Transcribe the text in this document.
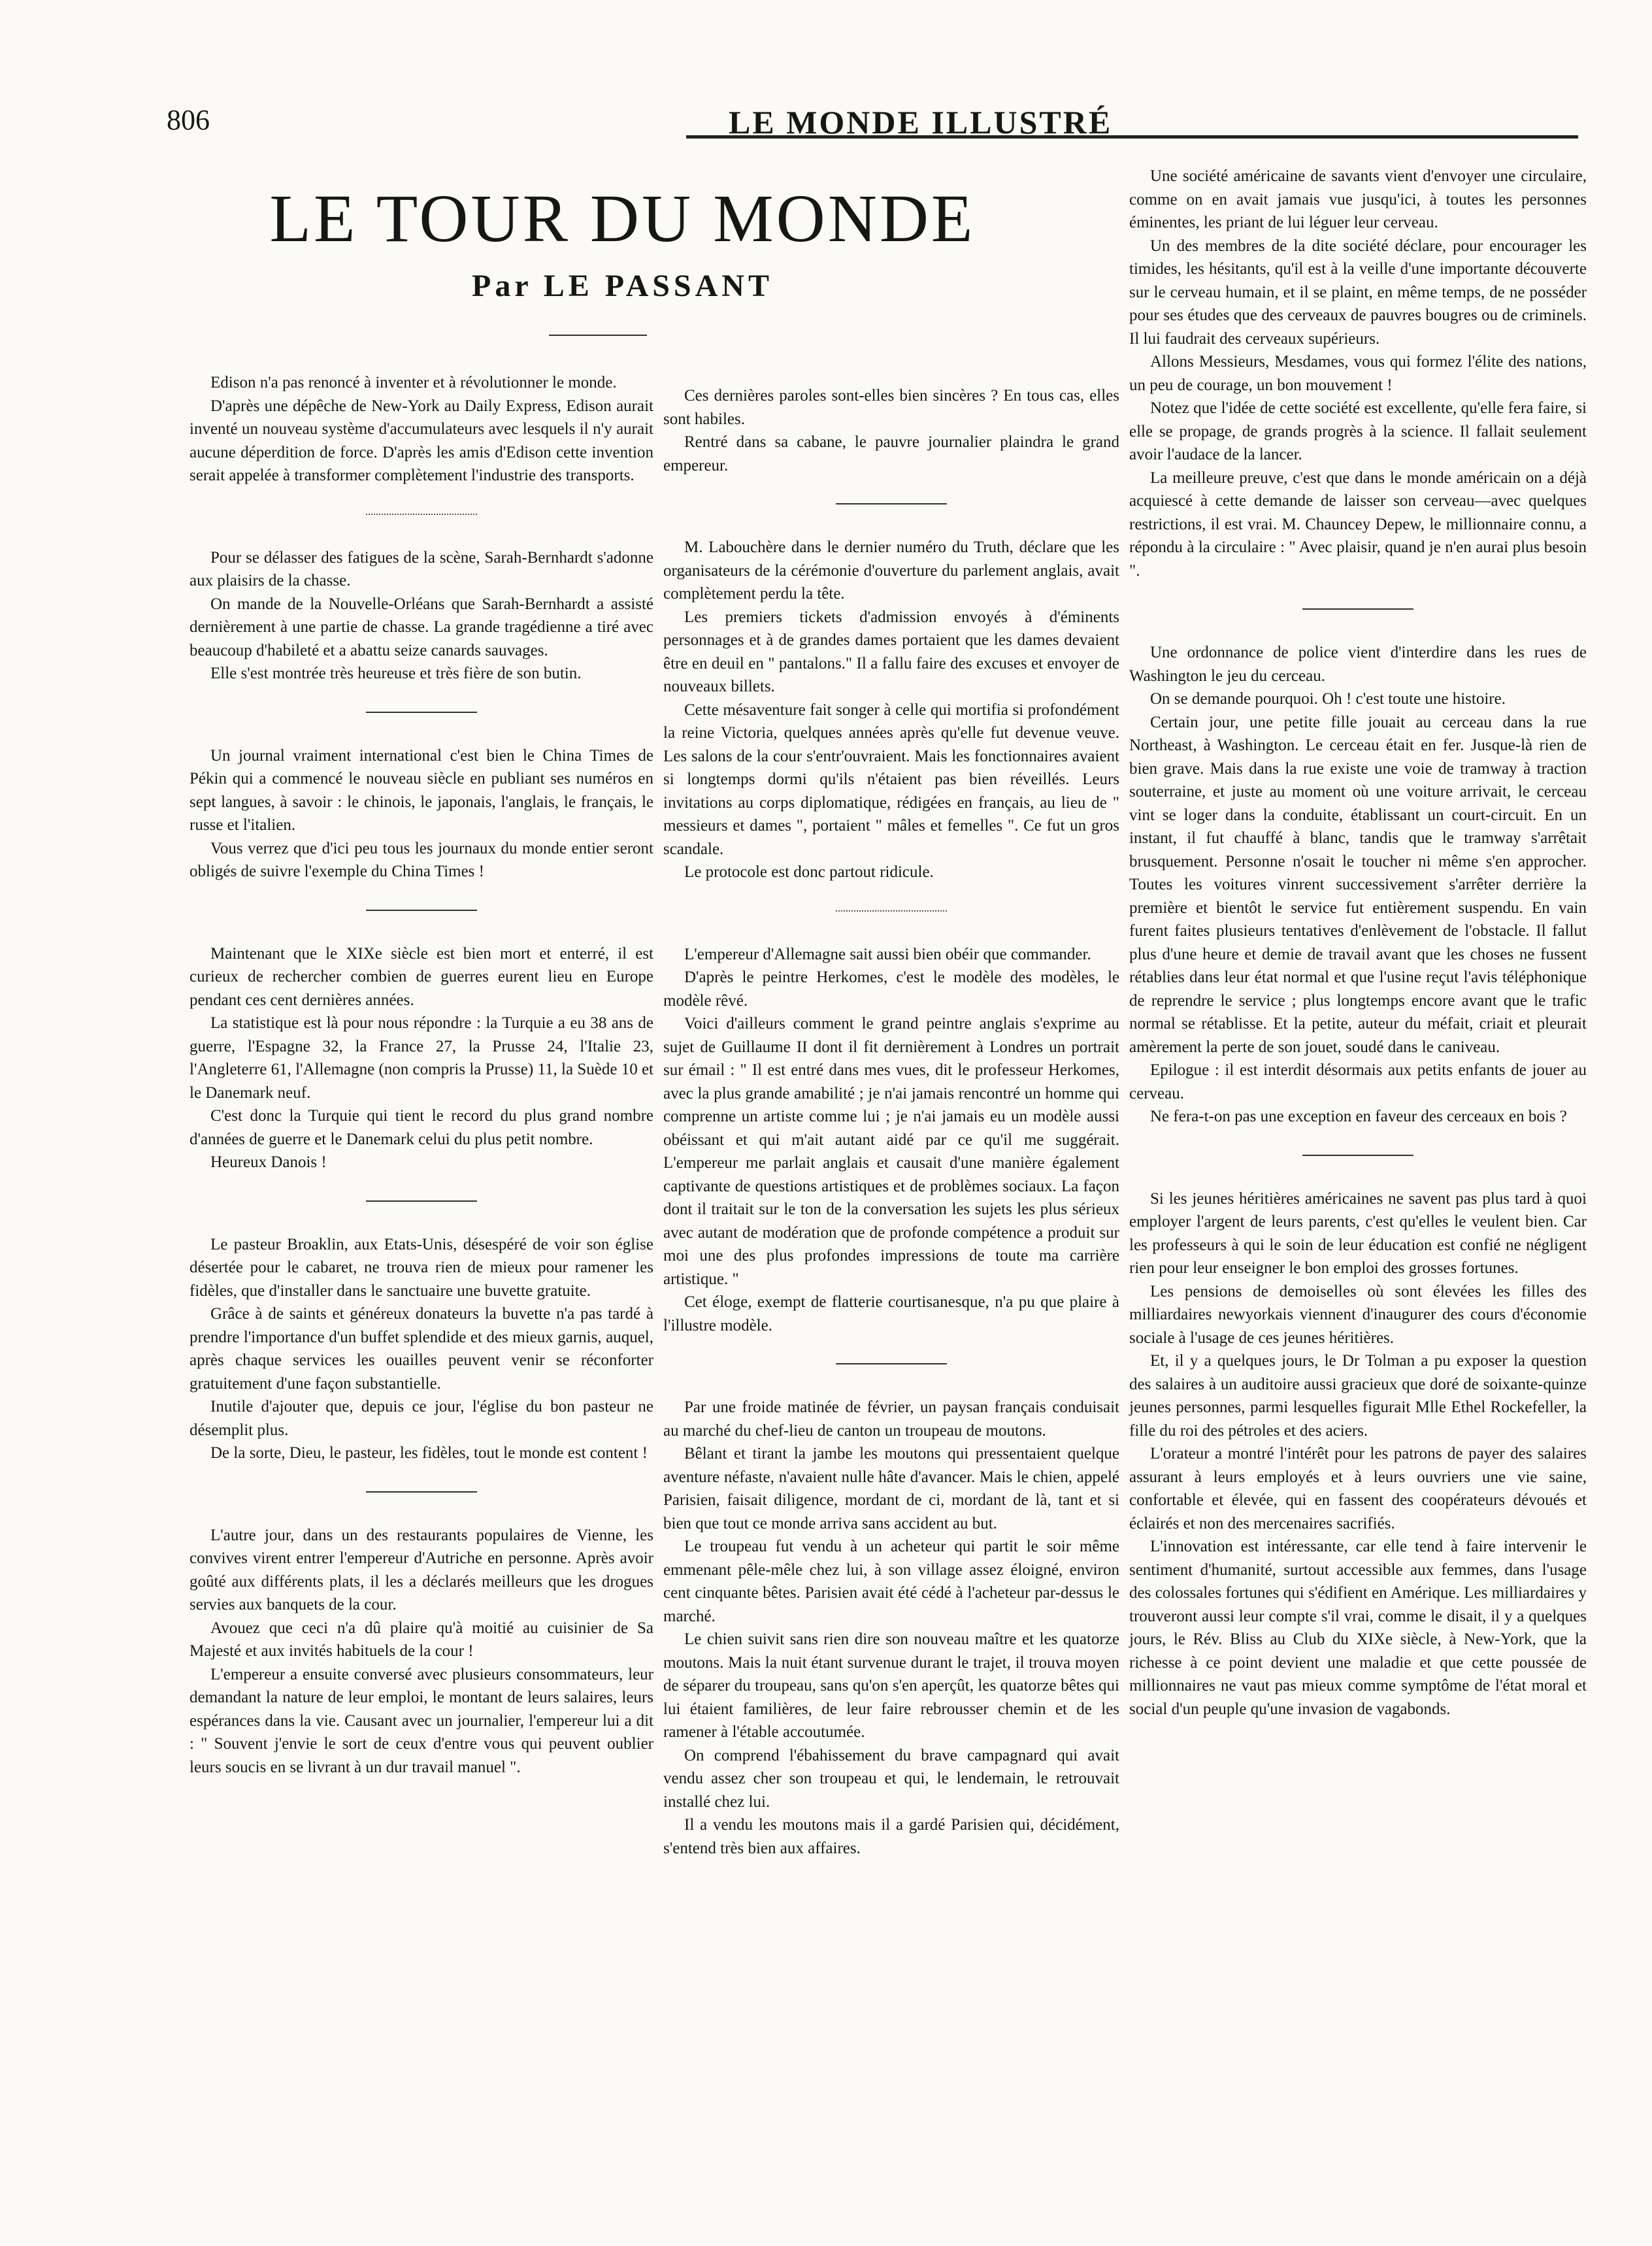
806	LE MONDE ILLUSTRÉ
LE TOUR DU MONDE
Par LE PASSANT

Edison n'a pas renoncé à inventer et à révolutionner le monde.

D'après une dépêche de New-York au Daily Express, Edison aurait inventé un nouveau système d'accumulateurs avec lesquels il n'y aurait aucune déperdition de force. D'après les amis d'Edison cette invention serait appelée à transformer complètement l'industrie des transports.

Pour se délasser des fatigues de la scène, Sarah-Bernhardt s'adonne aux plaisirs de la chasse.

On mande de la Nouvelle-Orléans que Sarah-Bernhardt a assisté dernièrement à une partie de chasse. La grande tragédienne a tiré avec beaucoup d'habileté et a abattu seize canards sauvages.

Elle s'est montrée très heureuse et très fière de son butin.

Un journal vraiment international c'est bien le China Times de Pékin qui a commencé le nouveau siècle en publiant ses numéros en sept langues, à savoir : le chinois, le japonais, l'anglais, le français, le russe et l'italien.

Vous verrez que d'ici peu tous les journaux du monde entier seront obligés de suivre l'exemple du China Times !

Maintenant que le XIXe siècle est bien mort et enterré, il est curieux de rechercher combien de guerres eurent lieu en Europe pendant ces cent dernières années.

La statistique est là pour nous répondre : la Turquie a eu 38 ans de guerre, l'Espagne 32, la France 27, la Prusse 24, l'Italie 23, l'Angleterre 61, l'Allemagne (non compris la Prusse) 11, la Suède 10 et le Danemark neuf.

C'est donc la Turquie qui tient le record du plus grand nombre d'années de guerre et le Danemark celui du plus petit nombre.

Heureux Danois !

Le pasteur Broaklin, aux Etats-Unis, désespéré de voir son église désertée pour le cabaret, ne trouva rien de mieux pour ramener les fidèles, que d'installer dans le sanctuaire une buvette gratuite.

Grâce à de saints et généreux donateurs la buvette n'a pas tardé à prendre l'importance d'un buffet splendide et des mieux garnis, auquel, après chaque services les ouailles peuvent venir se réconforter gratuitement d'une façon substantielle.

Inutile d'ajouter que, depuis ce jour, l'église du bon pasteur ne désemplit plus.

De la sorte, Dieu, le pasteur, les fidèles, tout le monde est content !

L'autre jour, dans un des restaurants populaires de Vienne, les convives virent entrer l'empereur d'Autriche en personne. Après avoir goûté aux différents plats, il les a déclarés meilleurs que les drogues servies aux banquets de la cour.

Avouez que ceci n'a dû plaire qu'à moitié au cuisinier de Sa Majesté et aux invités habituels de la cour !

L'empereur a ensuite conversé avec plusieurs consommateurs, leur demandant la nature de leur emploi, le montant de leurs salaires, leurs espérances dans la vie. Causant avec un journalier, l'empereur lui a dit : " Souvent j'envie le sort de ceux d'entre vous qui peuvent oublier leurs soucis en se livrant à un dur travail manuel ".

Ces dernières paroles sont-elles bien sincères ? En tous cas, elles sont habiles.

Rentré dans sa cabane, le pauvre journalier plaindra le grand empereur.

M. Labouchère dans le dernier numéro du Truth, déclare que les organisateurs de la cérémonie d'ouverture du parlement anglais, avait complètement perdu la tête.

Les premiers tickets d'admission envoyés à d'éminents personnages et à de grandes dames portaient que les dames devaient être en deuil en " pantalons." Il a fallu faire des excuses et envoyer de nouveaux billets.

Cette mésaventure fait songer à celle qui mortifia si profondément la reine Victoria, quelques années après qu'elle fut devenue veuve. Les salons de la cour s'entr'ouvraient. Mais les fonctionnaires avaient si longtemps dormi qu'ils n'étaient pas bien réveillés. Leurs invitations au corps diplomatique, rédigées en français, au lieu de " messieurs et dames ", portaient " mâles et femelles ". Ce fut un gros scandale.

Le protocole est donc partout ridicule.

L'empereur d'Allemagne sait aussi bien obéir que commander.

D'après le peintre Herkomes, c'est le modèle des modèles, le modèle rêvé.

Voici d'ailleurs comment le grand peintre anglais s'exprime au sujet de Guillaume II dont il fit dernièrement à Londres un portrait sur émail : " Il est entré dans mes vues, dit le professeur Herkomes, avec la plus grande amabilité ; je n'ai jamais rencontré un homme qui comprenne un artiste comme lui ; je n'ai jamais eu un modèle aussi obéissant et qui m'ait autant aidé par ce qu'il me suggérait. L'empereur me parlait anglais et causait d'une manière également captivante de questions artistiques et de problèmes sociaux. La façon dont il traitait sur le ton de la conversation les sujets les plus sérieux avec autant de modération que de profonde compétence a produit sur moi une des plus profondes impressions de toute ma carrière artistique. "

Cet éloge, exempt de flatterie courtisanesque, n'a pu que plaire à l'illustre modèle.

Par une froide matinée de février, un paysan français conduisait au marché du chef-lieu de canton un troupeau de moutons.

Bêlant et tirant la jambe les moutons qui pressentaient quelque aventure néfaste, n'avaient nulle hâte d'avancer. Mais le chien, appelé Parisien, faisait diligence, mordant de ci, mordant de là, tant et si bien que tout ce monde arriva sans accident au but.

Le troupeau fut vendu à un acheteur qui partit le soir même emmenant pêle-mêle chez lui, à son village assez éloigné, environ cent cinquante bêtes. Parisien avait été cédé à l'acheteur par-dessus le marché.

Le chien suivit sans rien dire son nouveau maître et les quatorze moutons. Mais la nuit étant survenue durant le trajet, il trouva moyen de séparer du troupeau, sans qu'on s'en aperçût, les quatorze bêtes qui lui étaient familières, de leur faire rebrousser chemin et de les ramener à l'étable accoutumée.

On comprend l'ébahissement du brave campagnard qui avait vendu assez cher son troupeau et qui, le lendemain, le retrouvait installé chez lui.

Il a vendu les moutons mais il a gardé Parisien qui, décidément, s'entend très bien aux affaires.

Une société américaine de savants vient d'envoyer une circulaire, comme on en avait jamais vue jusqu'ici, à toutes les personnes éminentes, les priant de lui léguer leur cerveau.

Un des membres de la dite société déclare, pour encourager les timides, les hésitants, qu'il est à la veille d'une importante découverte sur le cerveau humain, et il se plaint, en même temps, de ne posséder pour ses études que des cerveaux de pauvres bougres ou de criminels. Il lui faudrait des cerveaux supérieurs.

Allons Messieurs, Mesdames, vous qui formez l'élite des nations, un peu de courage, un bon mouvement !

Notez que l'idée de cette société est excellente, qu'elle fera faire, si elle se propage, de grands progrès à la science. Il fallait seulement avoir l'audace de la lancer.

La meilleure preuve, c'est que dans le monde américain on a déjà acquiescé à cette demande de laisser son cerveau—avec quelques restrictions, il est vrai. M. Chauncey Depew, le millionnaire connu, a répondu à la circulaire : " Avec plaisir, quand je n'en aurai plus besoin ".

Une ordonnance de police vient d'interdire dans les rues de Washington le jeu du cerceau.

On se demande pourquoi. Oh ! c'est toute une histoire.

Certain jour, une petite fille jouait au cerceau dans la rue Northeast, à Washington. Le cerceau était en fer. Jusque-là rien de bien grave. Mais dans la rue existe une voie de tramway à traction souterraine, et juste au moment où une voiture arrivait, le cerceau vint se loger dans la conduite, établissant un court-circuit. En un instant, il fut chauffé à blanc, tandis que le tramway s'arrêtait brusquement. Personne n'osait le toucher ni même s'en approcher. Toutes les voitures vinrent successivement s'arrêter derrière la première et bientôt le service fut entièrement suspendu. En vain furent faites plusieurs tentatives d'enlèvement de l'obstacle. Il fallut plus d'une heure et demie de travail avant que les choses ne fussent rétablies dans leur état normal et que l'usine reçut l'avis téléphonique de reprendre le service ; plus longtemps encore avant que le trafic normal se rétablisse. Et la petite, auteur du méfait, criait et pleurait amèrement la perte de son jouet, soudé dans le caniveau.

Epilogue : il est interdit désormais aux petits enfants de jouer au cerveau.

Ne fera-t-on pas une exception en faveur des cerceaux en bois ?

Si les jeunes héritières américaines ne savent pas plus tard à quoi employer l'argent de leurs parents, c'est qu'elles le veulent bien. Car les professeurs à qui le soin de leur éducation est confié ne négligent rien pour leur enseigner le bon emploi des grosses fortunes.

Les pensions de demoiselles où sont élevées les filles des milliardaires newyorkais viennent d'inaugurer des cours d'économie sociale à l'usage de ces jeunes héritières.

Et, il y a quelques jours, le Dr Tolman a pu exposer la question des salaires à un auditoire aussi gracieux que doré de soixante-quinze jeunes personnes, parmi lesquelles figurait Mlle Ethel Rockefeller, la fille du roi des pétroles et des aciers.

L'orateur a montré l'intérêt pour les patrons de payer des salaires assurant à leurs employés et à leurs ouvriers une vie saine, confortable et élevée, qui en fassent des coopérateurs dévoués et éclairés et non des mercenaires sacrifiés.

L'innovation est intéressante, car elle tend à faire intervenir le sentiment d'humanité, surtout accessible aux femmes, dans l'usage des colossales fortunes qui s'édifient en Amérique. Les milliardaires y trouveront aussi leur compte s'il vrai, comme le disait, il y a quelques jours, le Rév. Bliss au Club du XIXe siècle, à New-York, que la richesse à ce point devient une maladie et que cette poussée de millionnaires ne vaut pas mieux comme symptôme de l'état moral et social d'un peuple qu'une invasion de vagabonds.
